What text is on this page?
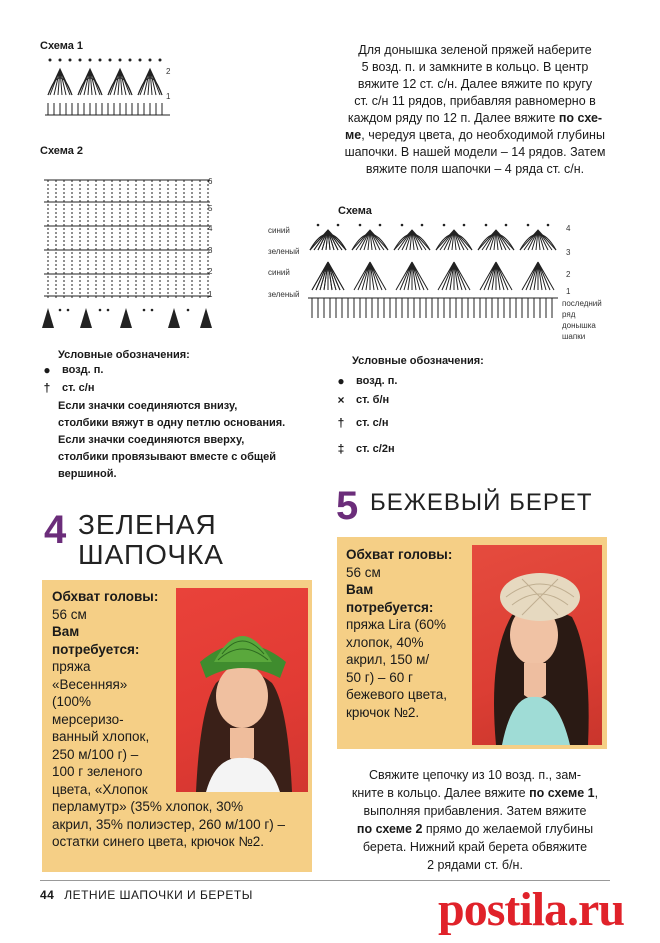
Схема 1
2
1
Схема 2
6
5
4
3
2
1
Условные обозначения:
●	возд. п.
†	ст. с/н
Если значки соединяются внизу,
столбики вяжут в одну петлю основания.
Если значки соединяются вверху,
столбики провязывают вместе с общей
вершиной.
Для донышка зеленой пряжей наберите
5 возд. п. и замкните в кольцо. В центр
вяжите 12 ст. с/н. Далее вяжите по кругу
ст. с/н 11 рядов, прибавляя равномерно в
каждом ряду по 12 п. Далее вяжите по схе-
ме, чередуя цвета, до необходимой глубины
шапочки. В нашей модели – 14 рядов. Затем
вяжите поля шапочки – 4 ряда ст. с/н.
Схема
синий
зеленый
синий
зеленый
4
3
2
1
последний
ряд
донышка
шапки
Условные обозначения:
●	возд. п.
×	ст. б/н
†	ст. с/н
‡	ст. с/2н
4 ЗЕЛЕНАЯ
ШАПОЧКА
Обхват головы:
56 см
Вам
потребуется:
пряжа
«Весенняя»
(100%
мерсеризо-
ванный хлопок,
250 м/100 г) –
100 г зеленого
цвета, «Хлопок
перламутр» (35% хлопок, 30%
акрил, 35% полиэстер, 260 м/100 г) –
остатки синего цвета, крючок №2.
5 БЕЖЕВЫЙ БЕРЕТ
Обхват головы:
56 см
Вам
потребуется:
пряжа Lira (60%
хлопок, 40%
акрил, 150 м/
50 г) – 60 г
бежевого цвета,
крючок №2.
Свяжите цепочку из 10 возд. п., зам-
кните в кольцо. Далее вяжите по схеме 1,
выполняя прибавления. Затем вяжите
по схеме 2 прямо до желаемой глубины
берета. Нижний край берета обвяжите
2 рядами ст. б/н.
44 ЛЕТНИЕ ШАПОЧКИ И БЕРЕТЫ	postila.ru
